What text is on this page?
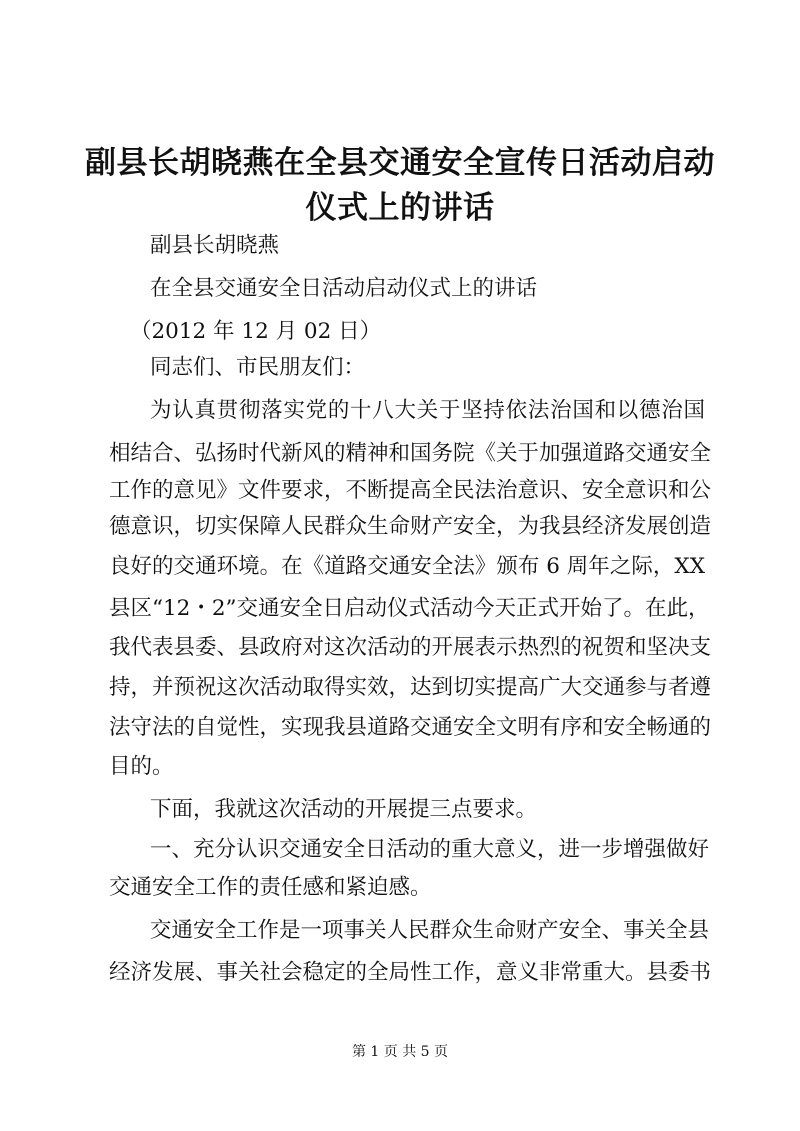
副县长胡晓燕在全县交通安全宣传日活动启动
仪式上的讲话
副县长胡晓燕
在全县交通安全日活动启动仪式上的讲话
（2012 年 12 月 02 日）
同志们、市民朋友们：
为认真贯彻落实党的十八大关于坚持依法治国和以德治国
相结合、弘扬时代新风的精神和国务院《关于加强道路交通安全
工作的意见》文件要求，不断提高全民法治意识、安全意识和公
德意识，切实保障人民群众生命财产安全，为我县经济发展创造
良好的交通环境。在《道路交通安全法》颁布 6 周年之际，XX
县区“12・2”交通安全日启动仪式活动今天正式开始了。在此，
我代表县委、县政府对这次活动的开展表示热烈的祝贺和坚决支
持，并预祝这次活动取得实效，达到切实提高广大交通参与者遵
法守法的自觉性，实现我县道路交通安全文明有序和安全畅通的
目的。
下面，我就这次活动的开展提三点要求。
一、充分认识交通安全日活动的重大意义，进一步增强做好
交通安全工作的责任感和紧迫感。
交通安全工作是一项事关人民群众生命财产安全、事关全县
经济发展、事关社会稳定的全局性工作，意义非常重大。县委书
第 1 页 共 5 页
